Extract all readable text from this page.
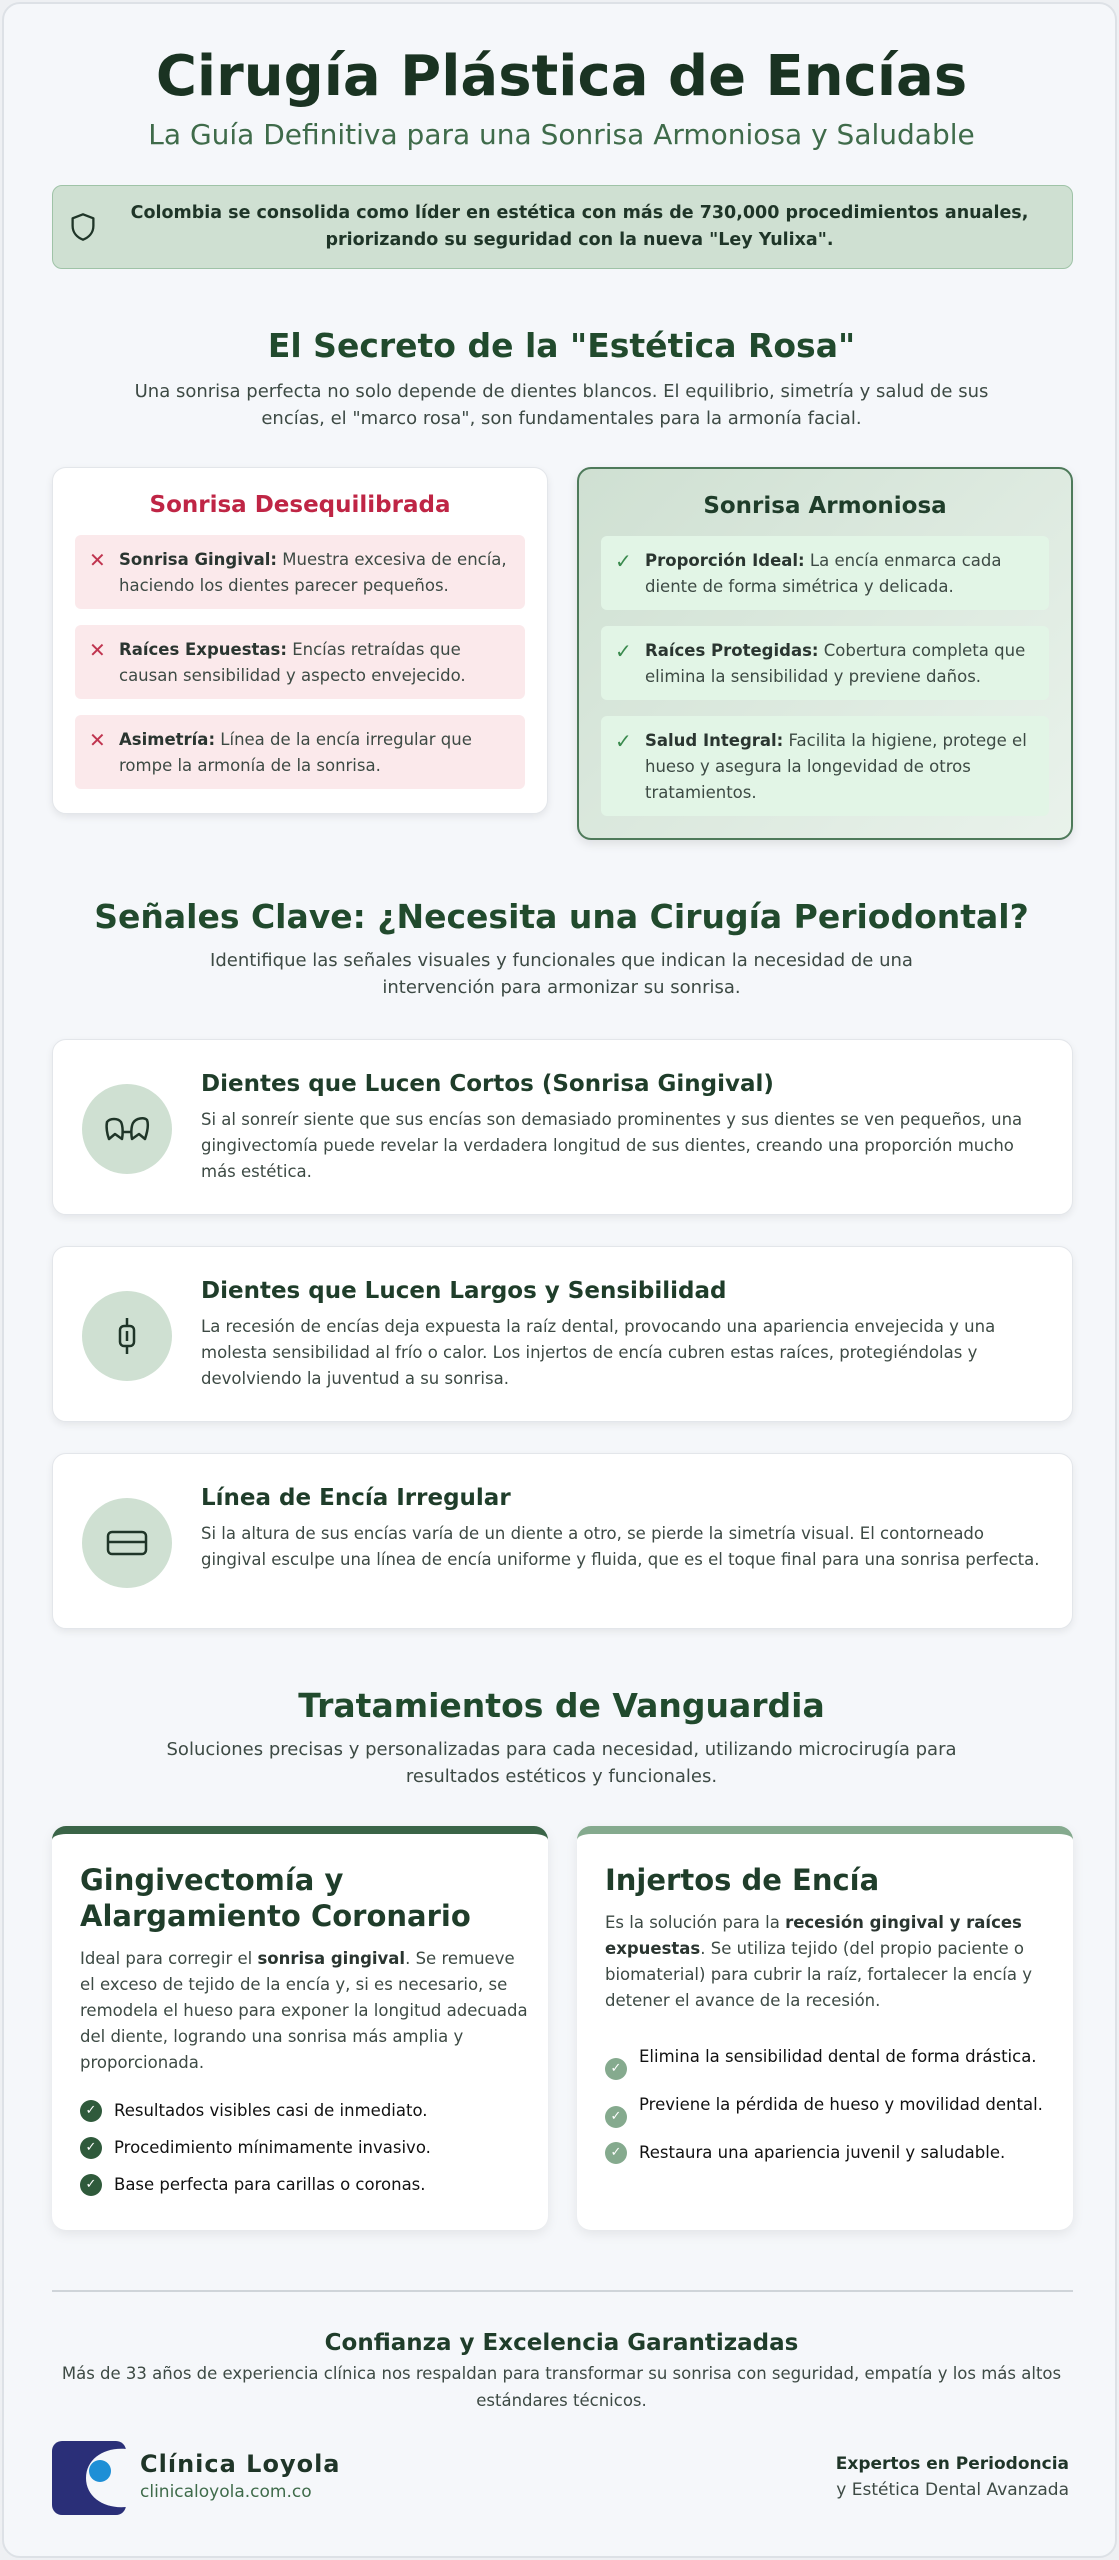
Cirugía Plástica de Encías
La Guía Definitiva para una Sonrisa Armoniosa y Saludable
Colombia se consolida como líder en estética con más de 730,000 procedimientos anuales, priorizando su seguridad con la nueva "Ley Yulixa".
El Secreto de la "Estética Rosa"

Una sonrisa perfecta no solo depende de dientes blancos. El equilibrio, simetría y salud de sus encías, el "marco rosa", son fundamentales para la armonía facial.

Sonrisa Desequilibrada
✕ Sonrisa Gingival: Muestra excesiva de encía, haciendo los dientes parecer pequeños.
✕ Raíces Expuestas: Encías retraídas que causan sensibilidad y aspecto envejecido.
✕ Asimetría: Línea de la encía irregular que rompe la armonía de la sonrisa.
Sonrisa Armoniosa
✓ Proporción Ideal: La encía enmarca cada diente de forma simétrica y delicada.
✓ Raíces Protegidas: Cobertura completa que elimina la sensibilidad y previene daños.
✓ Salud Integral: Facilita la higiene, protege el hueso y asegura la longevidad de otros tratamientos.
Señales Clave: ¿Necesita una Cirugía Periodontal?

Identifique las señales visuales y funcionales que indican la necesidad de una intervención para armonizar su sonrisa.

Dientes que Lucen Cortos (Sonrisa Gingival)

Si al sonreír siente que sus encías son demasiado prominentes y sus dientes se ven pequeños, una gingivectomía puede revelar la verdadera longitud de sus dientes, creando una proporción mucho más estética.

Dientes que Lucen Largos y Sensibilidad

La recesión de encías deja expuesta la raíz dental, provocando una apariencia envejecida y una molesta sensibilidad al frío o calor. Los injertos de encía cubren estas raíces, protegiéndolas y devolviendo la juventud a su sonrisa.

Línea de Encía Irregular

Si la altura de sus encías varía de un diente a otro, se pierde la simetría visual. El contorneado gingival esculpe una línea de encía uniforme y fluida, que es el toque final para una sonrisa perfecta.

Tratamientos de Vanguardia

Soluciones precisas y personalizadas para cada necesidad, utilizando microcirugía para resultados estéticos y funcionales.

Gingivectomía y Alargamiento Coronario

Ideal para corregir el sonrisa gingival. Se remueve el exceso de tejido de la encía y, si es necesario, se remodela el hueso para exponer la longitud adecuada del diente, logrando una sonrisa más amplia y proporcionada.

✓	Resultados visibles casi de inmediato.
✓	Procedimiento mínimamente invasivo.
✓	Base perfecta para carillas o coronas.
Injertos de Encía

Es la solución para la recesión gingival y raíces expuestas. Se utiliza tejido (del propio paciente o biomaterial) para cubrir la raíz, fortalecer la encía y detener el avance de la recesión.

✓
Elimina la sensibilidad dental de forma drástica.
✓
Previene la pérdida de hueso y movilidad dental.
✓	Restaura una apariencia juvenil y saludable.
Confianza y Excelencia Garantizadas

Más de 33 años de experiencia clínica nos respaldan para transformar su sonrisa con seguridad, empatía y los más altos estándares técnicos.

Clínica Loyola
clinicaloyola.com.co
Expertos en Periodoncia
y Estética Dental Avanzada
